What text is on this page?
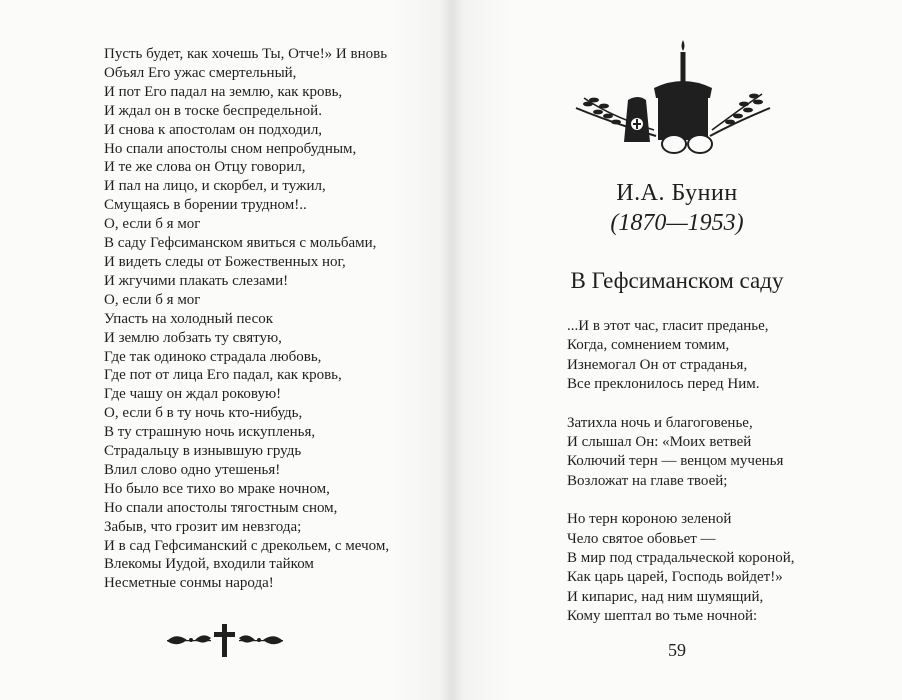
Пусть будет, как хочешь Ты, Отче!» И вновь
Объял Его ужас смертельный,
И пот Его падал на землю, как кровь,
И ждал он в тоске беспредельной.
И снова к апостолам он подходил,
Но спали апостолы сном непробудным,
И те же слова он Отцу говорил,
И пал на лицо, и скорбел, и тужил,
Смущаясь в борении трудном!..
О, если б я мог
В саду Гефсиманском явиться с мольбами,
И видеть следы от Божественных ног,
И жгучими плакать слезами!
О, если б я мог
Упасть на холодный песок
И землю лобзать ту святую,
Где так одиноко страдала любовь,
Где пот от лица Его падал, как кровь,
Где чашу он ждал роковую!
О, если б в ту ночь кто-нибудь,
В ту страшную ночь искупленья,
Страдальцу в изнывшую грудь
Влил слово одно утешенья!
Но было все тихо во мраке ночном,
Но спали апостолы тягостным сном,
Забыв, что грозит им невзгода;
И в сад Гефсиманский с дрекольем, с мечом,
Влекомы Иудой, входили тайком
Несметные сонмы народа!
И.А. Бунин
(1870—1953)
В Гефсиманском саду
...И в этот час, гласит преданье,
Когда, сомнением томим,
Изнемогал Он от страданья,
Все преклонилось перед Ним.
Затихла ночь и благоговенье,
И слышал Он: «Моих ветвей
Колючий терн — венцом мученья
Возложат на главе твоей;
Но терн короною зеленой
Чело святое обовьет —
В мир под страдальческой короной,
Как царь царей, Господь войдет!»
И кипарис, над ним шумящий,
Кому шептал во тьме ночной:
59
